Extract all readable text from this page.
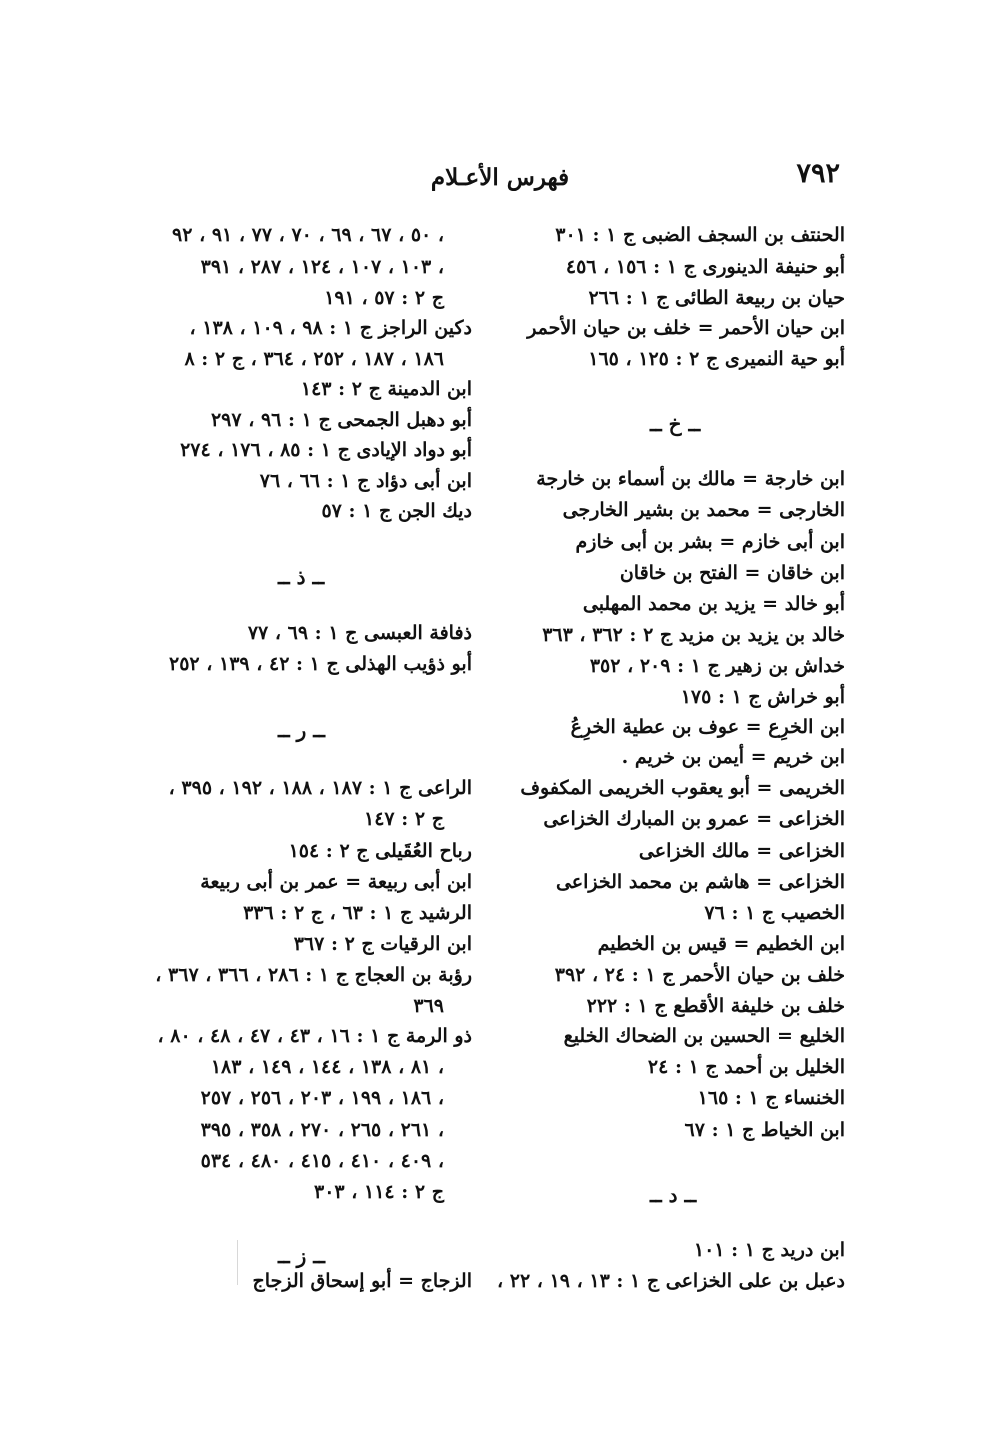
٧٩٢
فهرس الأعـلام
الحنتف بن السجف الضبى ج ١ : ٣٠١
أبو حنيفة الدينورى ج ١ : ١٥٦ ، ٤٥٦
حيان بن ربيعة الطائى ج ١ : ٢٦٦
ابن حيان الأحمر = خلف بن حيان الأحمر
أبو حية النميرى ج ٢ : ١٢٥ ، ١٦٥
ــ خ ــ
ابن خارجة = مالك بن أسماء بن خارجة
الخارجى = محمد بن بشير الخارجى
ابن أبى خازم = بشر بن أبى خازم
ابن خاقان = الفتح بن خاقان
أبو خالد = يزيد بن محمد المهلبى
خالد بن يزيد بن مزيد ج ٢ : ٣٦٢ ، ٣٦٣
خداش بن زهير ج ١ : ٢٠٩ ، ٣٥٢
أبو خراش ج ١ : ١٧٥
ابن الخرِع = عوف بن عطية الخرِعُ
ابن خريم = أيمن بن خريم .
الخريمى = أبو يعقوب الخريمى المكفوف
الخزاعى = عمرو بن المبارك الخزاعى
الخزاعى = مالك الخزاعى
الخزاعى = هاشم بن محمد الخزاعى
الخصيب ج ١ : ٧٦
ابن الخطيم = قيس بن الخطيم
خلف بن حيان الأحمر ج ١ : ٢٤ ، ٣٩٢
خلف بن خليفة الأقطع ج ١ : ٢٢٢
الخليع = الحسين بن الضحاك الخليع
الخليل بن أحمد ج ١ : ٢٤
الخنساء ج ١ : ١٦٥
ابن الخياط ج ١ : ٦٧
ــ د ــ
ابن دريد ج ١ : ١٠١
دعبل بن على الخزاعى ج ١ : ١٣ ، ١٩ ، ٢٢ ،
٥٠ ، ٦٧ ، ٦٩ ، ٧٠ ، ٧٧ ، ٩١ ، ٩٢ ،
١٠٣ ، ١٠٧ ، ١٢٤ ، ٢٨٧ ، ٣٩١ ،
ج ٢ : ٥٧ ، ١٩١
دكين الراجز ج ١ : ٩٨ ، ١٠٩ ، ١٣٨ ،
١٨٦ ، ١٨٧ ، ٢٥٢ ، ٣٦٤ ، ج ٢ : ٨
ابن الدمينة ج ٢ : ١٤٣
أبو دهبل الجمحى ج ١ : ٩٦ ، ٢٩٧
أبو دواد الإيادى ج ١ : ٨٥ ، ١٧٦ ، ٢٧٤
ابن أبى دؤاد ج ١ : ٦٦ ، ٧٦
ديك الجن ج ١ : ٥٧
ــ ذ ــ
ذفافة العبسى ج ١ : ٦٩ ، ٧٧
أبو ذؤيب الهذلى ج ١ : ٤٢ ، ١٣٩ ، ٢٥٢
ــ ر ــ
الراعى ج ١ : ١٨٧ ، ١٨٨ ، ١٩٢ ، ٣٩٥ ،
ج ٢ : ١٤٧
رباح العُقَيلى ج ٢ : ١٥٤
ابن أبى ربيعة = عمر بن أبى ربيعة
الرشيد ج ١ : ٦٣ ، ج ٢ : ٣٣٦
ابن الرقيات ج ٢ : ٣٦٧
رؤبة بن العجاج ج ١ : ٢٨٦ ، ٣٦٦ ، ٣٦٧ ،
٣٦٩
ذو الرمة ج ١ : ١٦ ، ٤٣ ، ٤٧ ، ٤٨ ، ٨٠ ،
٨١ ، ١٣٨ ، ١٤٤ ، ١٤٩ ، ١٨٣ ،
١٨٦ ، ١٩٩ ، ٢٠٣ ، ٢٥٦ ، ٢٥٧ ،
٢٦١ ، ٢٦٥ ، ٢٧٠ ، ٣٥٨ ، ٣٩٥ ،
٤٠٩ ، ٤١٠ ، ٤١٥ ، ٤٨٠ ، ٥٣٤ ،
ج ٢ : ١١٤ ، ٣٠٣
ــ ز ــ
الزجاج = أبو إسحاق الزجاج
